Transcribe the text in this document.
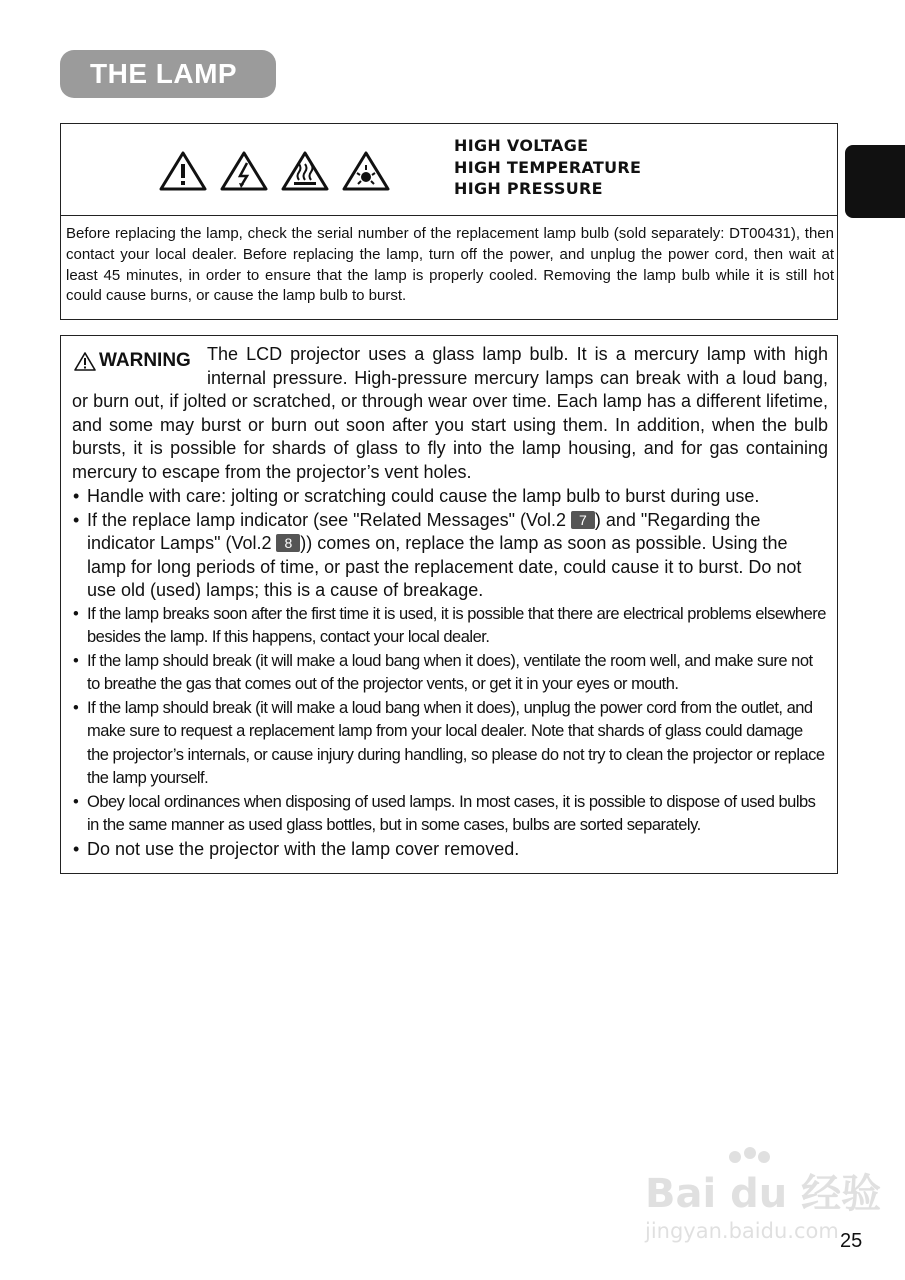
THE LAMP
HIGH VOLTAGE
HIGH TEMPERATURE
HIGH PRESSURE

Before replacing the lamp, check the serial number of the replacement lamp bulb (sold separately: DT00431), then contact your local dealer. Before replacing the lamp, turn off the power, and unplug the power cord, then wait at least 45 minutes, in order to ensure that the lamp is properly cooled. Removing the lamp bulb while it is still hot could cause burns, or cause the lamp bulb to burst.

WARNING The LCD projector uses a glass lamp bulb. It is a mercury lamp with high internal pressure. High-pressure mercury lamps can break with a loud bang, or burn out, if jolted or scratched, or through wear over time. Each lamp has a different lifetime, and some may burst or burn out soon after you start using them. In addition, when the bulb bursts, it is possible for shards of glass to fly into the lamp housing, and for gas containing mercury to escape from the projector’s vent holes.

• Handle with care: jolting or scratching could cause the lamp bulb to burst during use.
• If the replace lamp indicator (see "Related Messages" (Vol.2 7 ) and "Regarding the indicator Lamps" (Vol.2 8 )) comes on, replace the lamp as soon as possible. Using the lamp for long periods of time, or past the replacement date, could cause it to burst. Do not use old (used) lamps; this is a cause of breakage.
• If the lamp breaks soon after the first time it is used, it is possible that there are electrical problems elsewhere besides the lamp. If this happens, contact your local dealer.
• If the lamp should break (it will make a loud bang when it does), ventilate the room well, and make sure not to breathe the gas that comes out of the projector vents, or get it in your eyes or mouth.
• If the lamp should break (it will make a loud bang when it does), unplug the power cord from the outlet, and make sure to request a replacement lamp from your local dealer. Note that shards of glass could damage the projector’s internals, or cause injury during handling, so please do not try to clean the projector or replace the lamp yourself.
• Obey local ordinances when disposing of used lamps. In most cases, it is possible to dispose of used bulbs in the same manner as used glass bottles, but in some cases, bulbs are sorted separately.
• Do not use the projector with the lamp cover removed.
Bai du 经验
jingyan.baidu.com 25
